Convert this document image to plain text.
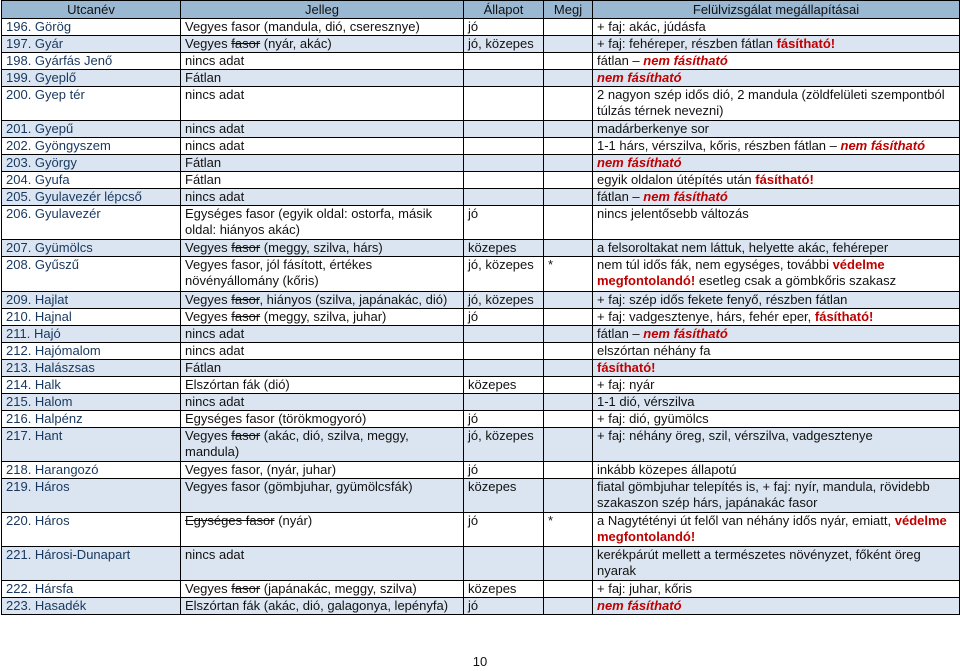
Utcanév	Jelleg	Állapot	Megj	Felülvizsgálat megállapításai
196. Görög	Vegyes fasor (mandula, dió, cseresznye)	jó		+ faj: akác, júdásfa
197. Gyár	Vegyes fasor (nyár, akác)	jó, közepes		+ faj: fehéreper, részben fátlan fásítható!
198. Gyárfás Jenő	nincs adat			fátlan – nem fásítható
199. Gyeplő	Fátlan			nem fásítható
200. Gyep tér	nincs adat			2 nagyon szép idős dió, 2 mandula (zöldfelületi szempontból túlzás térnek nevezni)
201. Gyepű	nincs adat			madárberkenye sor
202. Gyöngyszem	nincs adat			1-1 hárs, vérszilva, kőris, részben fátlan – nem fásítható
203. György	Fátlan			nem fásítható
204. Gyufa	Fátlan			egyik oldalon útépítés után fásítható!
205. Gyulavezér lépcső	nincs adat			fátlan – nem fásítható
206. Gyulavezér	Egységes fasor (egyik oldal: ostorfa, másik oldal: hiányos akác)	jó		nincs jelentősebb változás
207. Gyümölcs	Vegyes fasor (meggy, szilva, hárs)	közepes		a felsoroltakat nem láttuk, helyette akác, fehéreper
208. Gyűszű	Vegyes fasor, jól fásított, értékes növényállomány (kőris)	jó, közepes	*	nem túl idős fák, nem egységes, további védelme megfontolandó! esetleg csak a gömbkőris szakasz
209. Hajlat	Vegyes fasor, hiányos (szilva, japánakác, dió)	jó, közepes		+ faj: szép idős fekete fenyő, részben fátlan
210. Hajnal	Vegyes fasor (meggy, szilva, juhar)	jó		+ faj: vadgesztenye, hárs, fehér eper, fásítható!
211. Hajó	nincs adat			fátlan – nem fásítható
212. Hajómalom	nincs adat			elszórtan néhány fa
213. Halászsas	Fátlan			fásítható!
214. Halk	Elszórtan fák (dió)	közepes		+ faj: nyár
215. Halom	nincs adat			1-1 dió, vérszilva
216. Halpénz	Egységes fasor (törökmogyoró)	jó		+ faj: dió, gyümölcs
217. Hant	Vegyes fasor (akác, dió, szilva, meggy, mandula)	jó, közepes		+ faj: néhány öreg, szil, vérszilva, vadgesztenye
218. Harangozó	Vegyes fasor, (nyár, juhar)	jó		inkább közepes állapotú
219. Háros	Vegyes fasor (gömbjuhar, gyümölcsfák)	közepes		fiatal gömbjuhar telepítés is, + faj: nyír, mandula, rövidebb szakaszon szép hárs, japánakác fasor
220. Háros	Egységes fasor (nyár)	jó	*	a Nagytétényi út felől van néhány idős nyár, emiatt, védelme megfontolandó!
221. Hárosi-Dunapart	nincs adat			kerékpárút mellett a természetes növényzet, főként öreg nyarak
222. Hársfa	Vegyes fasor (japánakác, meggy, szilva)	közepes		+ faj: juhar, kőris
223. Hasadék	Elszórtan fák (akác, dió, galagonya, lepényfa)	jó		nem fásítható
10
